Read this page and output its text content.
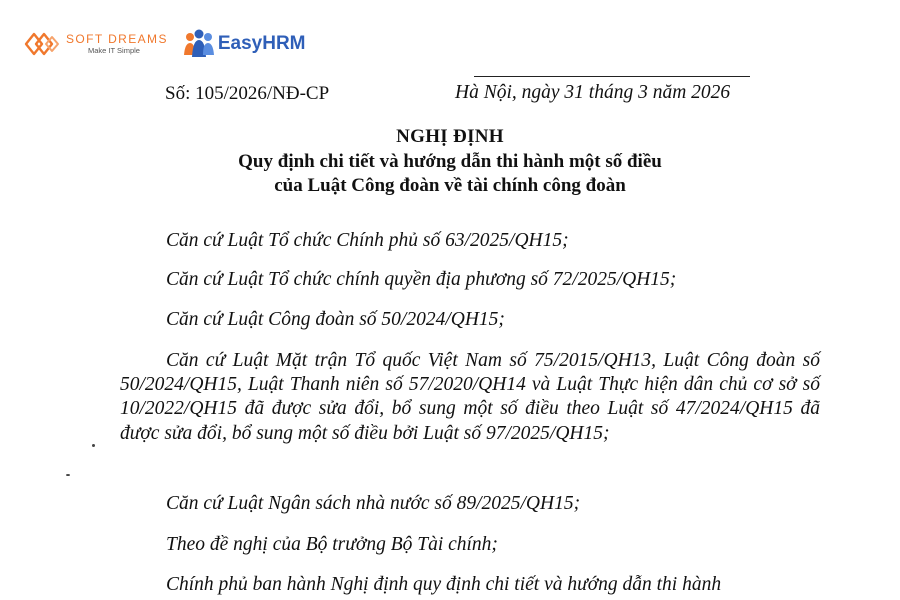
SOFT DREAMS
Make IT Simple	EasyHRM
Số: 105/2026/NĐ-CP	Hà Nội, ngày 31 tháng 3 năm 2026
NGHỊ ĐỊNH
Quy định chi tiết và hướng dẫn thi hành một số điều
của Luật Công đoàn về tài chính công đoàn
Căn cứ Luật Tổ chức Chính phủ số 63/2025/QH15;
Căn cứ Luật Tổ chức chính quyền địa phương số 72/2025/QH15;
Căn cứ Luật Công đoàn số 50/2024/QH15;
Căn cứ Luật Mặt trận Tổ quốc Việt Nam số 75/2015/QH13, Luật Công đoàn số 50/2024/QH15, Luật Thanh niên số 57/2020/QH14 và Luật Thực hiện dân chủ cơ sở số 10/2022/QH15 đã được sửa đổi, bổ sung một số điều theo Luật số 47/2024/QH15 đã được sửa đổi, bổ sung một số điều bởi Luật số 97/2025/QH15;
Căn cứ Luật Ngân sách nhà nước số 89/2025/QH15;
Theo đề nghị của Bộ trưởng Bộ Tài chính;
Chính phủ ban hành Nghị định quy định chi tiết và hướng dẫn thi hành
